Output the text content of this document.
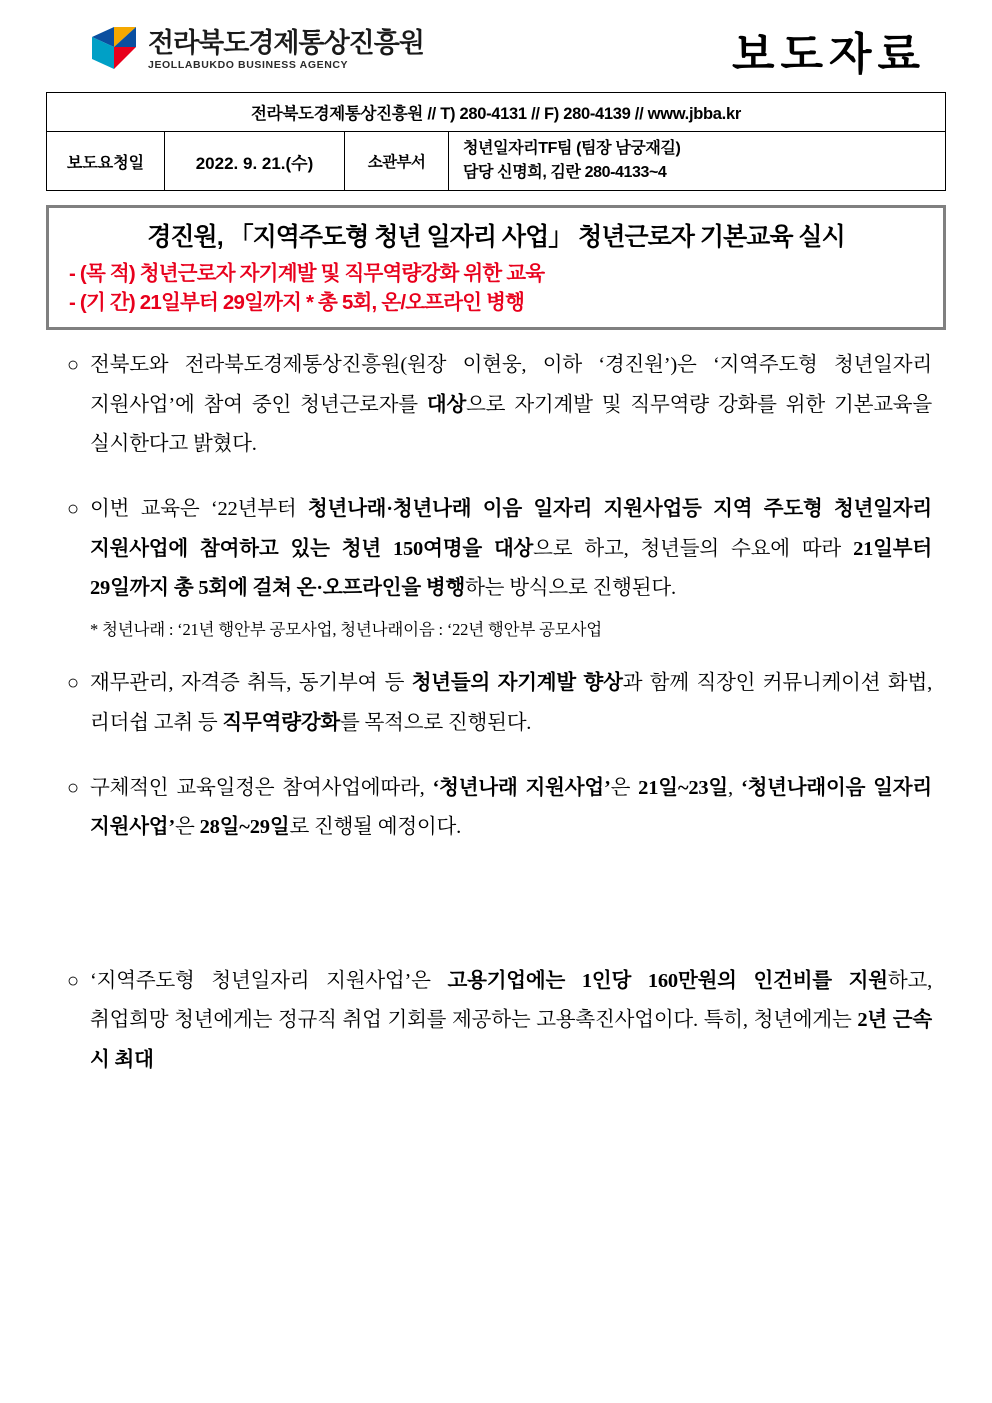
전라북도경제통상진흥원
JEOLLABUKDO BUSINESS AGENCY	보도자료
전라북도경제통상진흥원 // T) 280-4131 // F) 280-4139 // www.jbba.kr
보도요청일	2022. 9. 21.(수)	소관부서	
청년일자리TF팀 (팀장 남궁재길)
담당 신명희, 김란 280-4133~4
경진원, 「지역주도형 청년 일자리 사업」 청년근로자 기본교육 실시
- (목 적) 청년근로자 자기계발 및 직무역량강화 위한 교육
- (기 간) 21일부터 29일까지 * 총 5회, 온/오프라인 병행
○ 전북도와 전라북도경제통상진흥원(원장 이현웅, 이하 ‘경진원’)은 ‘지역주도형 청년일자리 지원사업’에 참여 중인 청년근로자를 대상으로 자기계발 및 직무역량 강화를 위한 기본교육을 실시한다고 밝혔다.
○ 이번 교육은 ‘22년부터 청년나래·청년나래 이음 일자리 지원사업등 지역 주도형 청년일자리 지원사업에 참여하고 있는 청년 150여명을 대상으로 하고, 청년들의 수요에 따라 21일부터 29일까지 총 5회에 걸쳐 온·오프라인을 병행하는 방식으로 진행된다.
* 청년나래 : ‘21년 행안부 공모사업, 청년나래이음 : ‘22년 행안부 공모사업
○ 재무관리, 자격증 취득, 동기부여 등 청년들의 자기계발 향상과 함께 직장인 커뮤니케이션 화법, 리더쉽 고취 등 직무역량강화를 목적으로 진행된다.
○ 구체적인 교육일정은 참여사업에따라, ‘청년나래 지원사업’은 21일~23일, ‘청년나래이음 일자리 지원사업’은 28일~29일로 진행될 예정이다.
○ ‘지역주도형 청년일자리 지원사업’은 고용기업에는 1인당 160만원의 인건비를 지원하고, 취업희망 청년에게는 정규직 취업 기회를 제공하는 고용촉진사업이다. 특히, 청년에게는 2년 근속 시 최대
